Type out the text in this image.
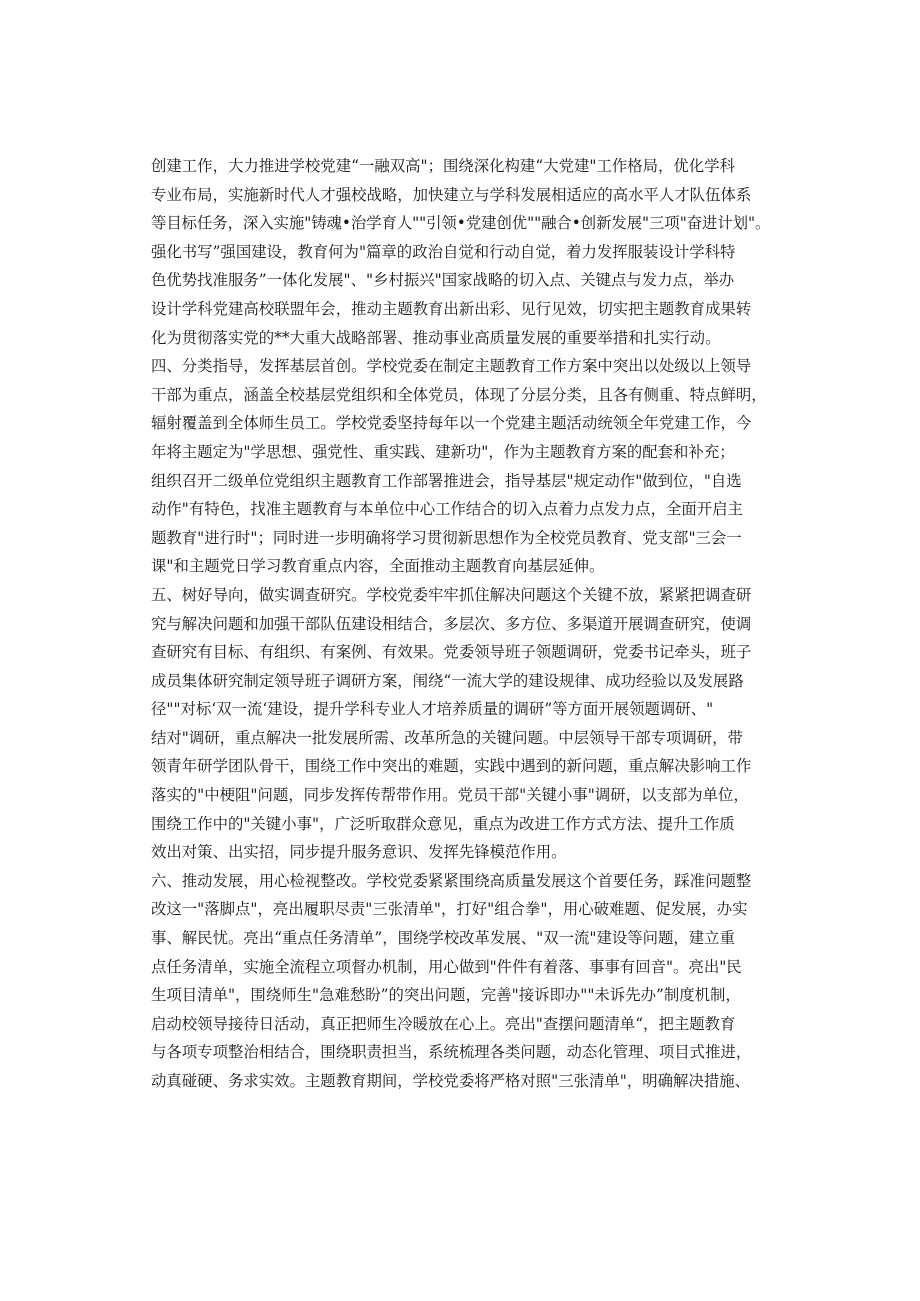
创建工作，大力推进学校党建“一融双高"；围绕深化构建“大党建"工作格局，优化学科
专业布局，实施新时代人才强校战略，加快建立与学科发展相适应的高水平人才队伍体系
等目标任务，深入实施"铸魂•治学育人""引领•党建创优""融合•创新发展"三项"奋进计划"。
强化书写”强国建设，教育何为"篇章的政治自觉和行动自觉，着力发挥服装设计学科特
色优势找准服务”一体化发展"、"乡村振兴"国家战略的切入点、关键点与发力点，举办
设计学科党建高校联盟年会，推动主题教育出新出彩、见行见效，切实把主题教育成果转
化为贯彻落实党的**大重大战略部署、推动事业高质量发展的重要举措和扎实行动。
四、分类指导，发挥基层首创。学校党委在制定主题教育工作方案中突出以处级以上领导
干部为重点，涵盖全校基层党组织和全体党员，体现了分层分类，且各有侧重、特点鲜明，
辐射覆盖到全体师生员工。学校党委坚持每年以一个党建主题活动统领全年党建工作，今
年将主题定为"学思想、强党性、重实践、建新功"，作为主题教育方案的配套和补充；
组织召开二级单位党组织主题教育工作部署推进会，指导基层"规定动作"做到位，"自选
动作"有特色，找准主题教育与本单位中心工作结合的切入点着力点发力点，全面开启主
题教育"进行时"；同时进一步明确将学习贯彻新思想作为全校党员教育、党支部"三会一
课"和主题党日学习教育重点内容，全面推动主题教育向基层延伸。
五、树好导向，做实调查研究。学校党委牢牢抓住解决问题这个关键不放，紧紧把调查研
究与解决问题和加强干部队伍建设相结合，多层次、多方位、多渠道开展调查研究，使调
查研究有目标、有组织、有案例、有效果。党委领导班子领题调研，党委书记牵头，班子
成员集体研究制定领导班子调研方案，闱绕“一流大学的建设规律、成功经验以及发展路
径""对标‘双一流‘建设，提升学科专业人才培养质量的调研”等方面开展领题调研、"
结对"调研，重点解决一批发展所需、改革所急的关键问题。中层领导干部专项调研，带
领青年研学团队骨干，围绕工作中突出的难题，实践中遇到的新问题，重点解决影响工作
落实的"中梗阻"问题，同步发挥传帮带作用。党员干部"关键小事"调研，以支部为单位，
围绕工作中的"关键小事"，广泛听取群众意见，重点为改进工作方式方法、提升工作质
效出对策、出实招，同步提升服务意识、发挥先锋模范作用。
六、推动发展，用心检视整改。学校党委紧紧围绕高质量发展这个首要任务，踩准问题整
改这一"落脚点"，亮出履职尽责"三张清单"，打好"组合拳"，用心破难题、促发展，办实
事、解民忧。亮出“重点任务清单”，围绕学校改革发展、"双一流"建设等问题，建立重
点任务清单，实施全流程立项督办机制，用心做到"件件有着落、事事有回音"。亮出"民
生项目清单"，围绕师生"急难愁盼”的突出问题，完善"接诉即办""未诉先办”制度机制，
启动校领导接待日活动，真正把师生冷暖放在心上。亮出"查摆问题清单“，把主题教育
与各项专项整治相结合，围绕职责担当，系统梳理各类问题，动态化管理、项目式推进，
动真碰硬、务求实效。主题教育期间，学校党委将严格对照"三张清单"，明确解决措施、
